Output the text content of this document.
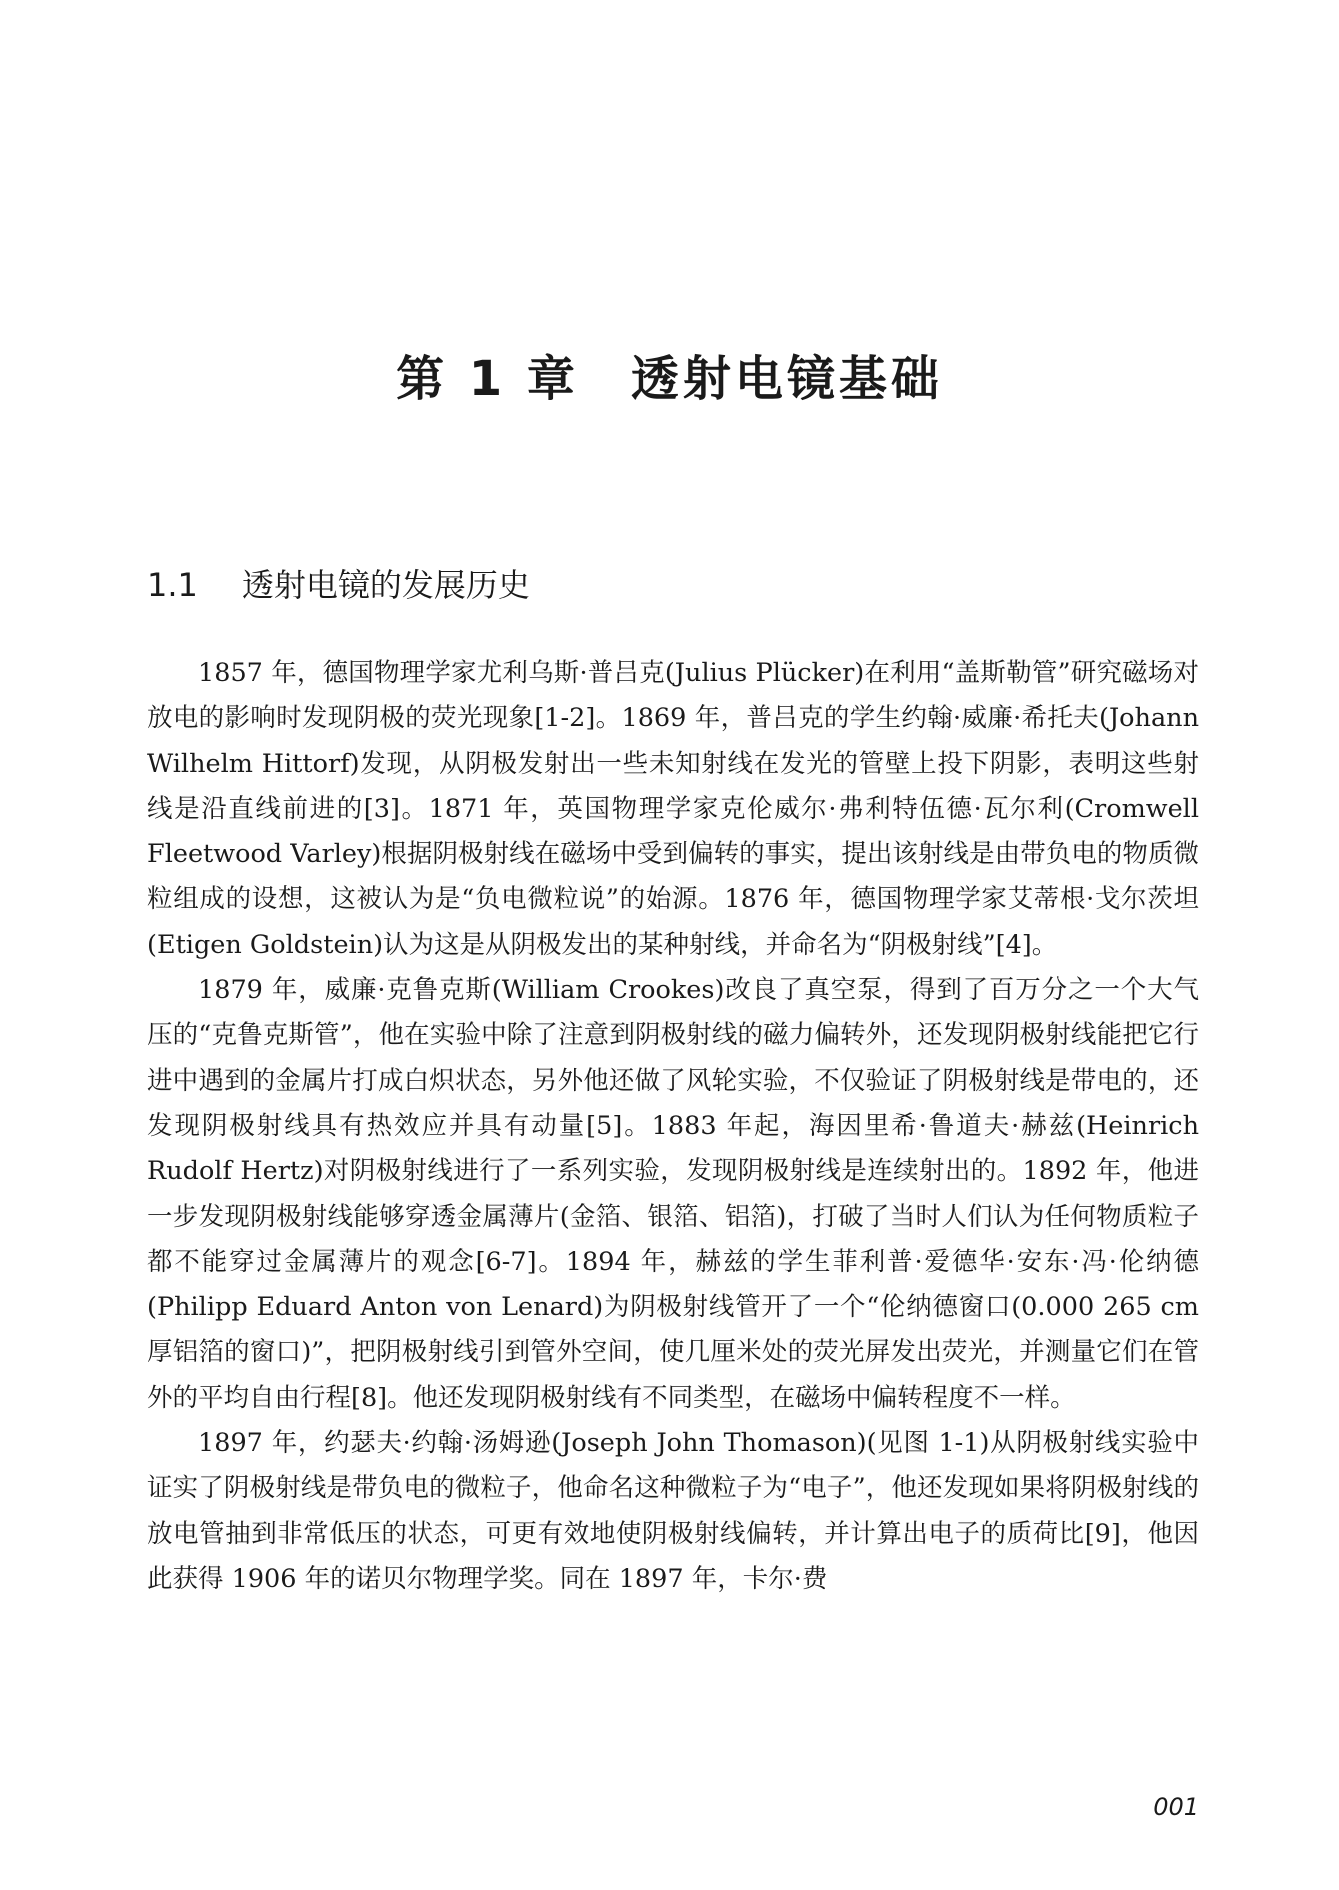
第 1 章 透射电镜基础
1.1 透射电镜的发展历史

1857 年，德国物理学家尤利乌斯·普吕克(Julius Plücker)在利用“盖斯勒管”研究磁场对放电的影响时发现阴极的荧光现象[1-2]。1869 年，普吕克的学生约翰·威廉·希托夫(Johann Wilhelm Hittorf)发现，从阴极发射出一些未知射线在发光的管壁上投下阴影，表明这些射线是沿直线前进的[3]。1871 年，英国物理学家克伦威尔·弗利特伍德·瓦尔利(Cromwell Fleetwood Varley)根据阴极射线在磁场中受到偏转的事实，提出该射线是由带负电的物质微粒组成的设想，这被认为是“负电微粒说”的始源。1876 年，德国物理学家艾蒂根·戈尔茨坦(Etigen Goldstein)认为这是从阴极发出的某种射线，并命名为“阴极射线”[4]。

1879 年，威廉·克鲁克斯(William Crookes)改良了真空泵，得到了百万分之一个大气压的“克鲁克斯管”，他在实验中除了注意到阴极射线的磁力偏转外，还发现阴极射线能把它行进中遇到的金属片打成白炽状态，另外他还做了风轮实验，不仅验证了阴极射线是带电的，还发现阴极射线具有热效应并具有动量[5]。1883 年起，海因里希·鲁道夫·赫兹(Heinrich Rudolf Hertz)对阴极射线进行了一系列实验，发现阴极射线是连续射出的。1892 年，他进一步发现阴极射线能够穿透金属薄片(金箔、银箔、铝箔)，打破了当时人们认为任何物质粒子都不能穿过金属薄片的观念[6-7]。1894 年，赫兹的学生菲利普·爱德华·安东·冯·伦纳德(Philipp Eduard Anton von Lenard)为阴极射线管开了一个“伦纳德窗口(0.000 265 cm 厚铝箔的窗口)”，把阴极射线引到管外空间，使几厘米处的荧光屏发出荧光，并测量它们在管外的平均自由行程[8]。他还发现阴极射线有不同类型，在磁场中偏转程度不一样。

1897 年，约瑟夫·约翰·汤姆逊(Joseph John Thomason)(见图 1-1)从阴极射线实验中证实了阴极射线是带负电的微粒子，他命名这种微粒子为“电子”，他还发现如果将阴极射线的放电管抽到非常低压的状态，可更有效地使阴极射线偏转，并计算出电子的质荷比[9]，他因此获得 1906 年的诺贝尔物理学奖。同在 1897 年，卡尔·费

001
